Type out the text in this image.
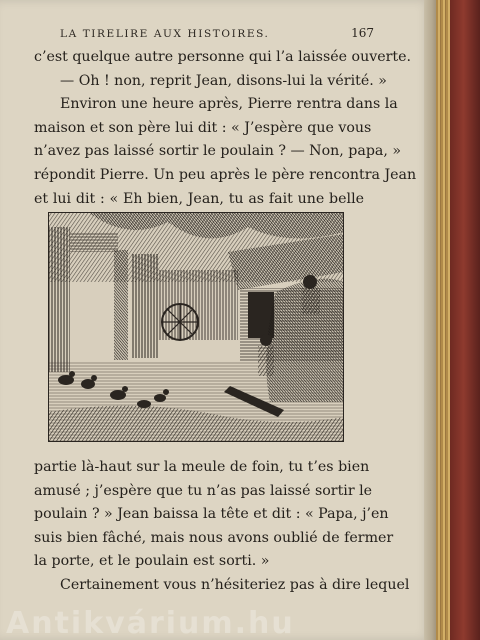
LA TIRELIRE AUX HISTOIRES.	167

c’est quelque autre personne qui l’a laissée ouverte.
— Oh ! non, reprit Jean, disons-lui la vérité. »

Environ une heure après, Pierre rentra dans la
maison et son père lui dit : « J’espère que vous
n’avez pas laissé sortir le poulain ? — Non, papa, »
répondit Pierre. Un peu après le père rencontra Jean
et lui dit : « Eh bien, Jean, tu as fait une belle

partie là-haut sur la meule de foin, tu t’es bien
amusé ; j’espère que tu n’as pas laissé sortir le
poulain ? » Jean baissa la tête et dit : « Papa, j’en
suis bien fâché, mais nous avons oublié de fermer
la porte, et le poulain est sorti. »

Certainement vous n’hésiteriez pas à dire lequel

Antikvárium.hu
